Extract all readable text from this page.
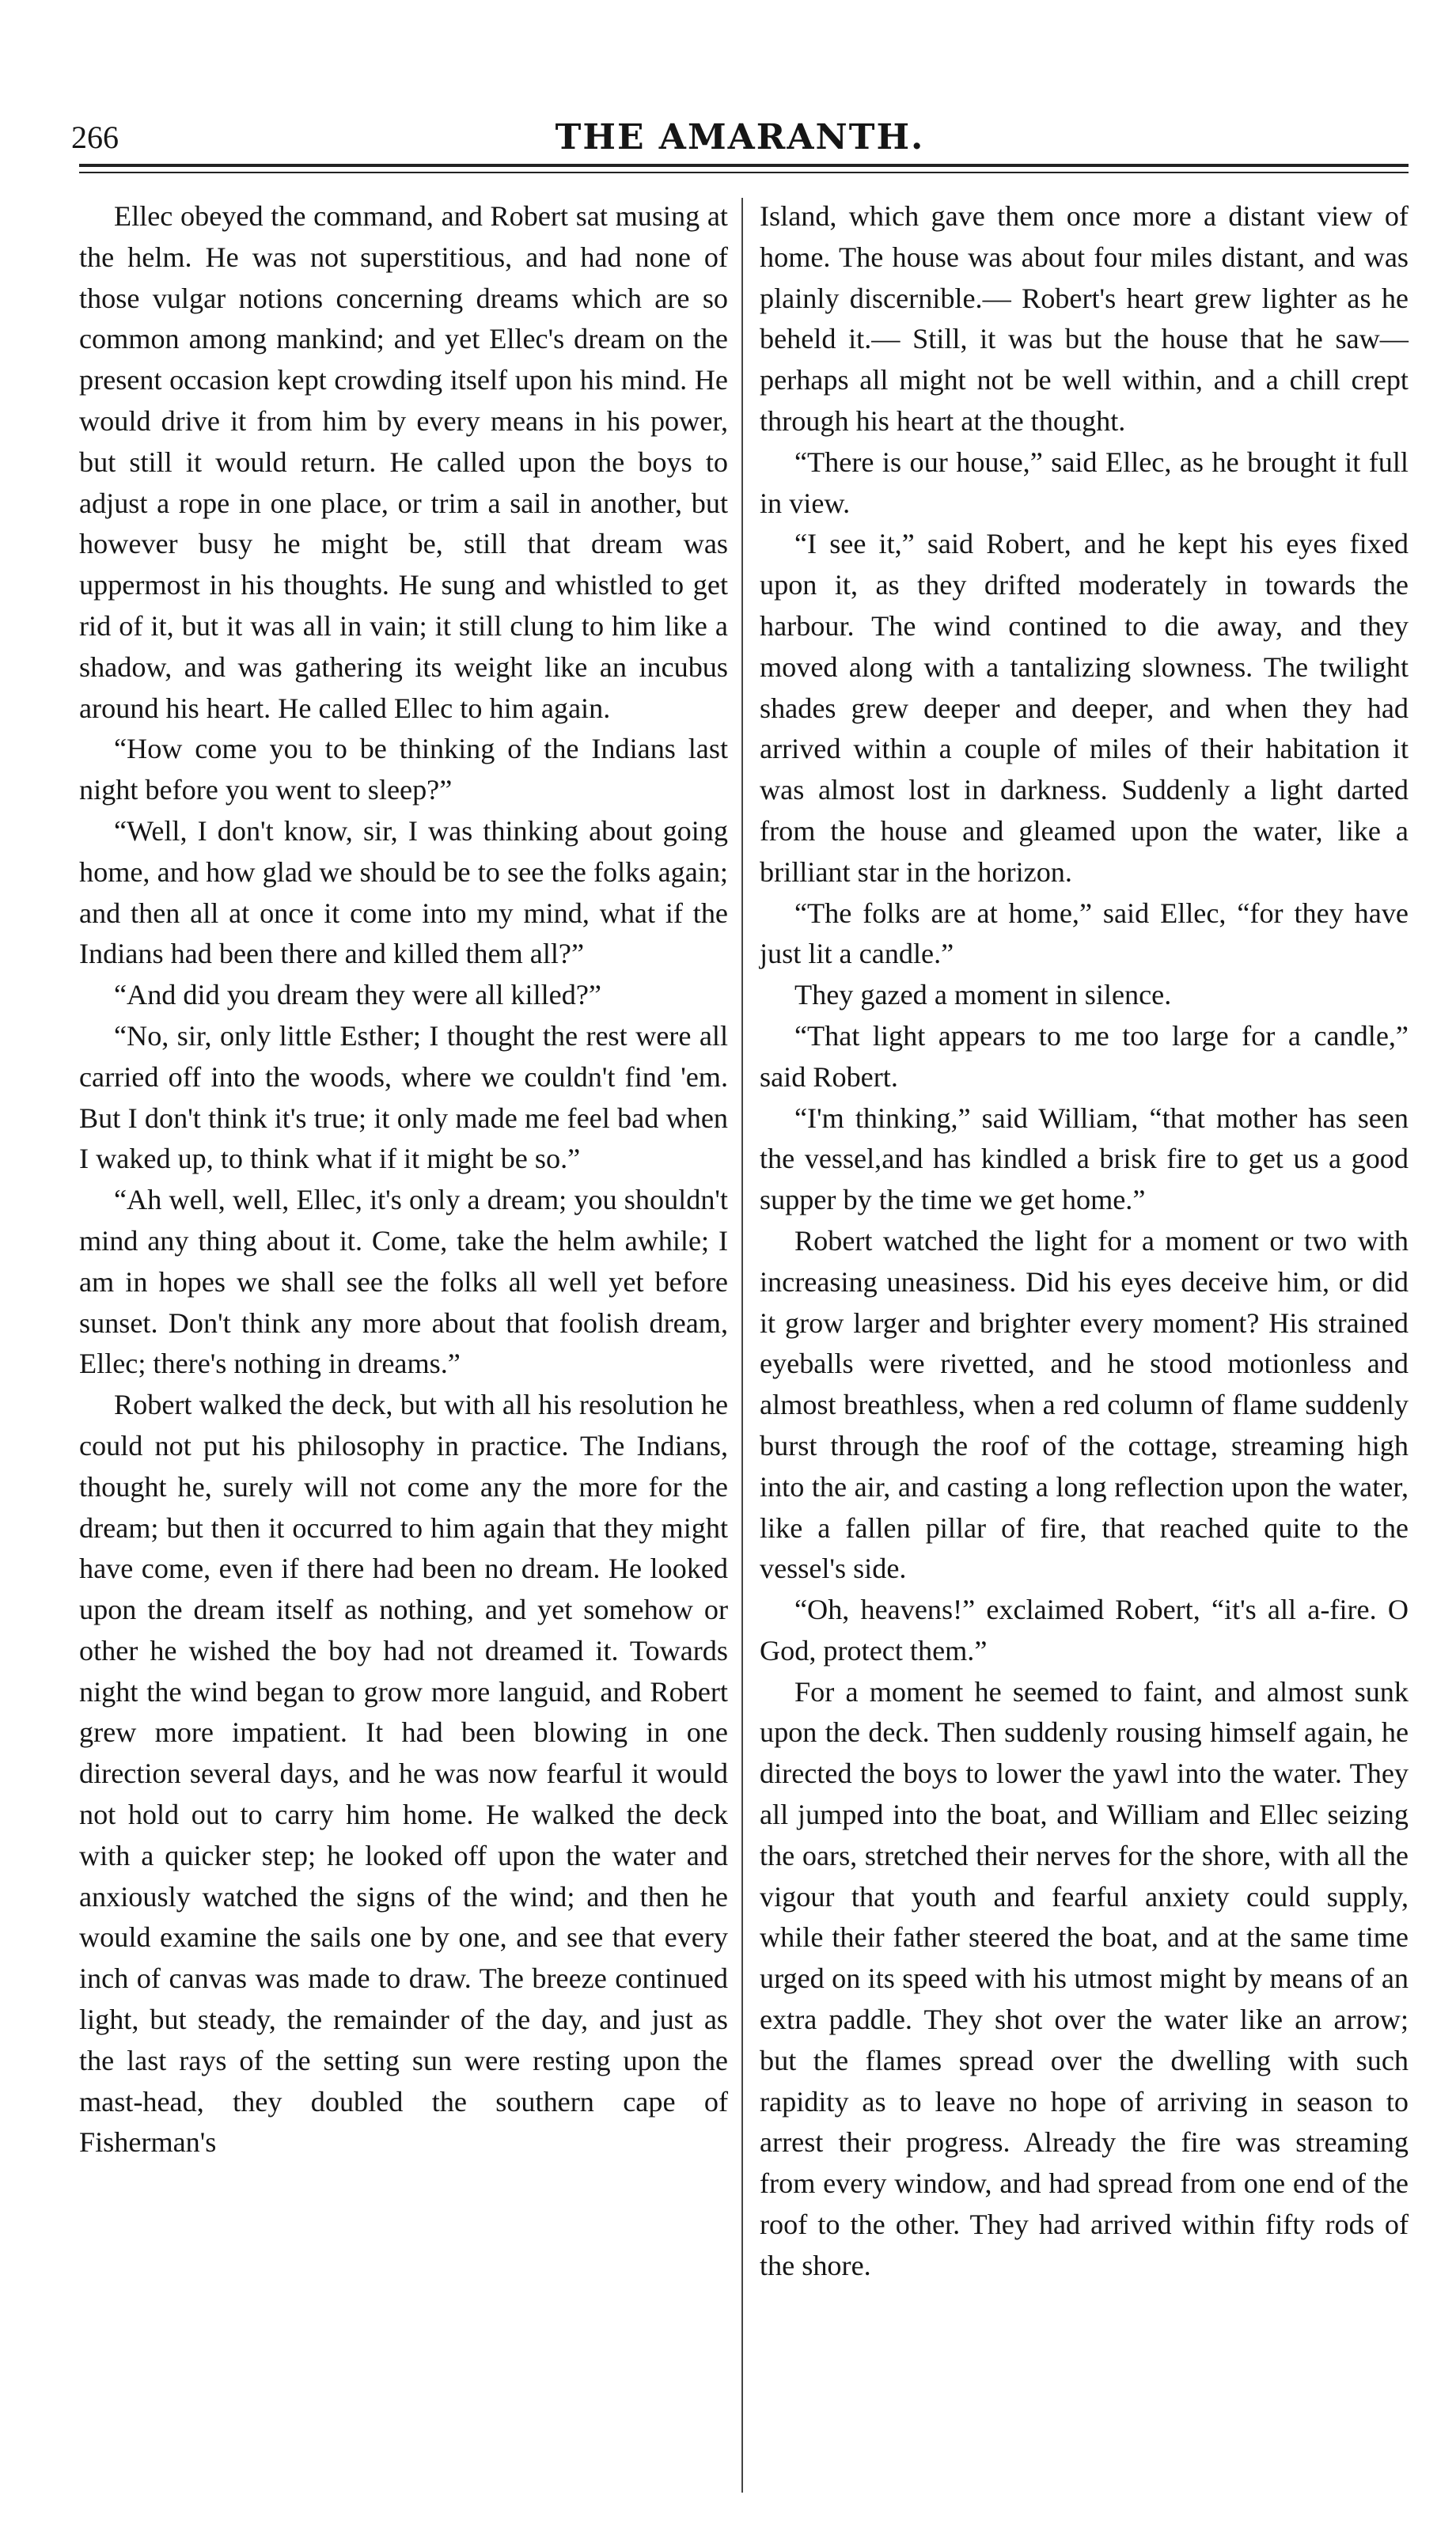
266	THE AMARANTH.

Ellec obeyed the command, and Robert sat musing at the helm. He was not superstitious, and had none of those vulgar notions concerning dreams which are so common among mankind; and yet Ellec's dream on the present occasion kept crowding itself upon his mind. He would drive it from him by every means in his power, but still it would return. He called upon the boys to adjust a rope in one place, or trim a sail in another, but however busy he might be, still that dream was uppermost in his thoughts. He sung and whistled to get rid of it, but it was all in vain; it still clung to him like a shadow, and was gathering its weight like an incubus around his heart. He called Ellec to him again.

“How come you to be thinking of the Indians last night before you went to sleep?”

“Well, I don't know, sir, I was thinking about going home, and how glad we should be to see the folks again; and then all at once it come into my mind, what if the Indians had been there and killed them all?”

“And did you dream they were all killed?”

“No, sir, only little Esther; I thought the rest were all carried off into the woods, where we couldn't find 'em. But I don't think it's true; it only made me feel bad when I waked up, to think what if it might be so.”

“Ah well, well, Ellec, it's only a dream; you shouldn't mind any thing about it. Come, take the helm awhile; I am in hopes we shall see the folks all well yet before sunset. Don't think any more about that foolish dream, Ellec; there's nothing in dreams.”

Robert walked the deck, but with all his resolution he could not put his philosophy in practice. The Indians, thought he, surely will not come any the more for the dream; but then it occurred to him again that they might have come, even if there had been no dream. He looked upon the dream itself as nothing, and yet somehow or other he wished the boy had not dreamed it. Towards night the wind began to grow more languid, and Robert grew more impatient. It had been blowing in one direction several days, and he was now fearful it would not hold out to carry him home. He walked the deck with a quicker step; he looked off upon the water and anxiously watched the signs of the wind; and then he would examine the sails one by one, and see that every inch of canvas was made to draw. The breeze continued light, but steady, the remainder of the day, and just as the last rays of the setting sun were resting upon the mast-head, they doubled the southern cape of Fisherman's

Island, which gave them once more a distant view of home. The house was about four miles distant, and was plainly discernible.— Robert's heart grew lighter as he beheld it.— Still, it was but the house that he saw—perhaps all might not be well within, and a chill crept through his heart at the thought.

“There is our house,” said Ellec, as he brought it full in view.

“I see it,” said Robert, and he kept his eyes fixed upon it, as they drifted moderately in towards the harbour. The wind contined to die away, and they moved along with a tantalizing slowness. The twilight shades grew deeper and deeper, and when they had arrived within a couple of miles of their habitation it was almost lost in darkness. Suddenly a light darted from the house and gleamed upon the water, like a brilliant star in the horizon.

“The folks are at home,” said Ellec, “for they have just lit a candle.”

They gazed a moment in silence.

“That light appears to me too large for a candle,” said Robert.

“I'm thinking,” said William, “that mother has seen the vessel,and has kindled a brisk fire to get us a good supper by the time we get home.”

Robert watched the light for a moment or two with increasing uneasiness. Did his eyes deceive him, or did it grow larger and brighter every moment? His strained eyeballs were rivetted, and he stood motionless and almost breathless, when a red column of flame suddenly burst through the roof of the cottage, streaming high into the air, and casting a long reflection upon the water, like a fallen pillar of fire, that reached quite to the vessel's side.

“Oh, heavens!” exclaimed Robert, “it's all a-fire. O God, protect them.”

For a moment he seemed to faint, and almost sunk upon the deck. Then suddenly rousing himself again, he directed the boys to lower the yawl into the water. They all jumped into the boat, and William and Ellec seizing the oars, stretched their nerves for the shore, with all the vigour that youth and fearful anxiety could supply, while their father steered the boat, and at the same time urged on its speed with his utmost might by means of an extra paddle. They shot over the water like an arrow; but the flames spread over the dwelling with such rapidity as to leave no hope of arriving in season to arrest their progress. Already the fire was streaming from every window, and had spread from one end of the roof to the other. They had arrived within fifty rods of the shore.
